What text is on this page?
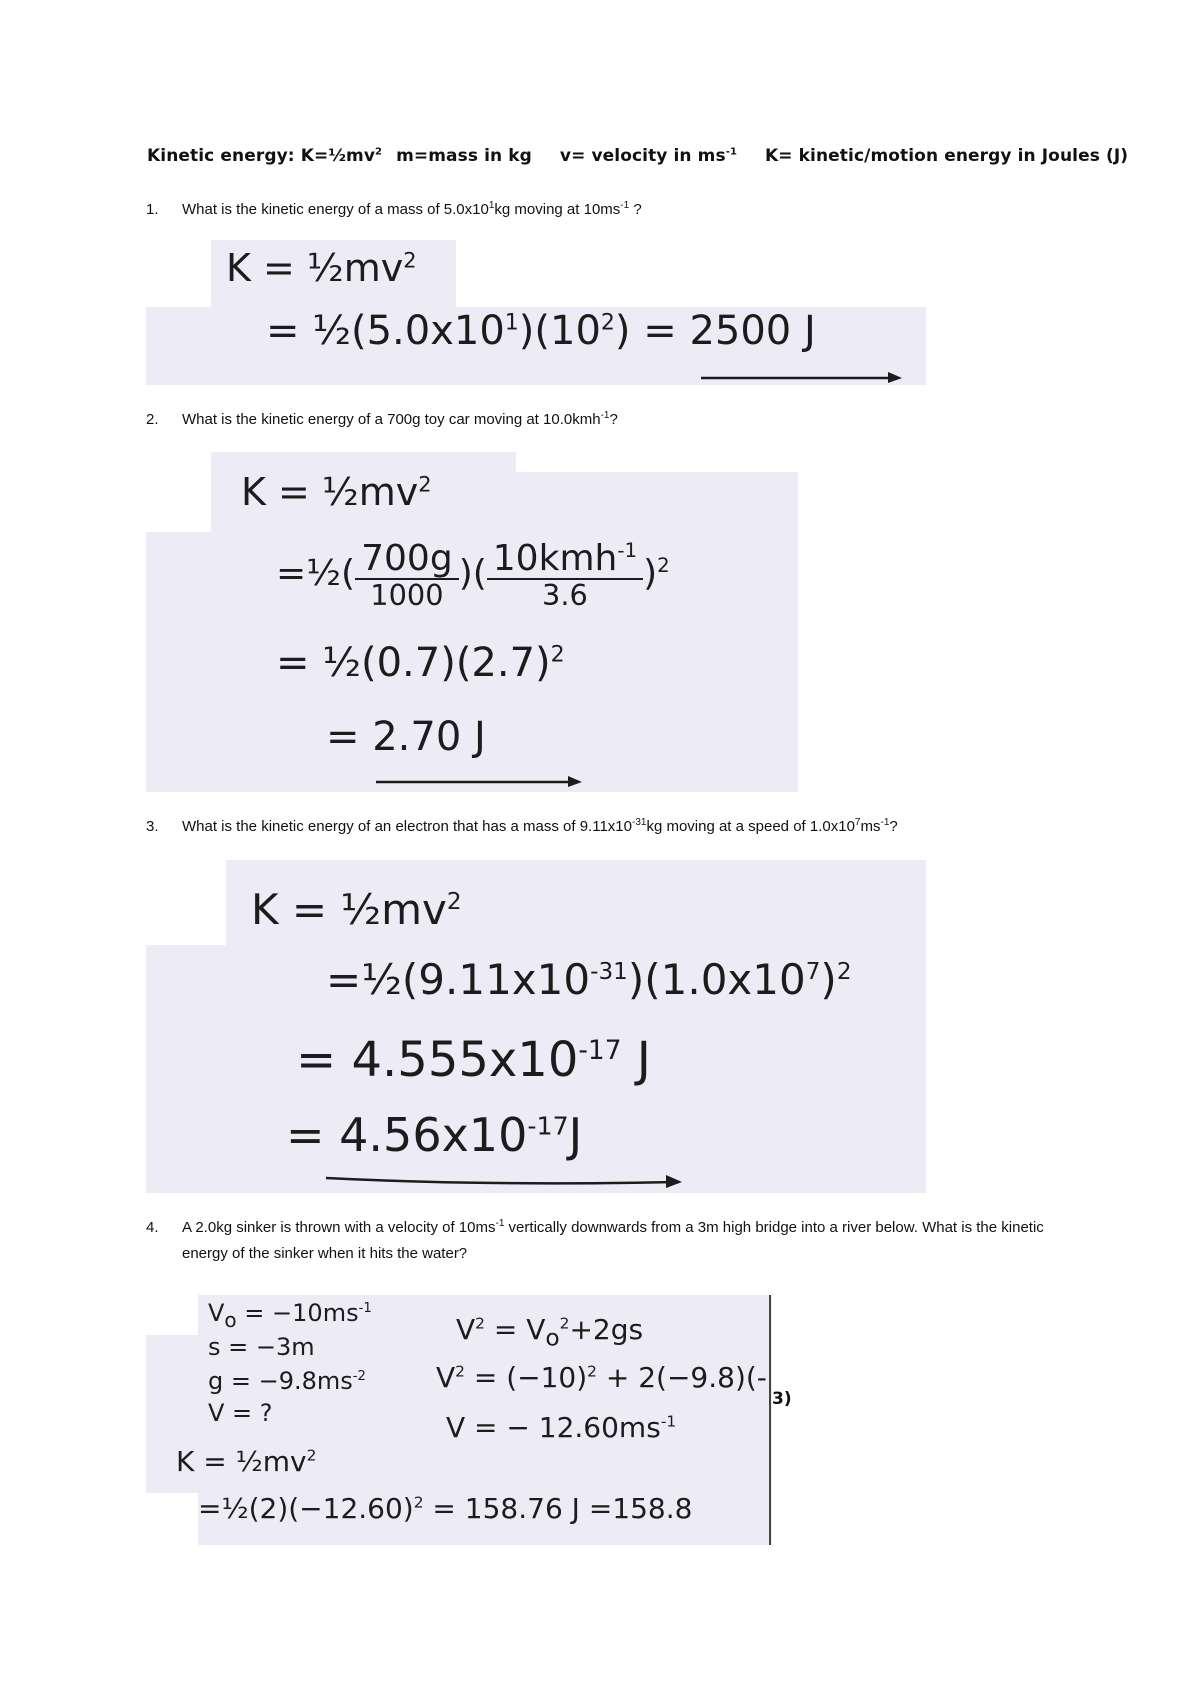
Kinetic energy: $K=\frac{1}{2}mv^2$ m=mass in kg v= velocity in $ms^{-1}$ K= kinetic/motion energy in Joules (J)
1. What is the kinetic energy of a mass of $5.0x10^1kg$ moving at $10ms^{-1}$ ?
$K = \frac{1}{2}mv^2$
= $\frac{1}{2}(5.0x10^1)(10^2) = 2500$ J
2. What is the kinetic energy of a 700g toy car moving at 10.0kmh$^{-1}$?
$K = \frac{1}{2}mv^2$
=½( $\frac{700g}{1000}$ )( $\frac{10kmh^{-1}}{3.6} )^2$
= $\frac{1}{2}(0.7)(2.7)^2$
= 2.70 J
3. What is the kinetic energy of an electron that has a mass of $9.11x10^{-31}kg$ moving at a speed of $1.0x10^7ms^{-1}$?
$K = \frac{1}{2}mv^2$
$=\frac{1}{2}(9.11x10^{-31})(1.0x10^7)^2$
= $4.555x10^{-17}$ J
= $4.56x10^{-17}J$
4. A 2.0kg sinker is thrown with a velocity of $10ms^{-1}$ vertically downwards from a 3m high bridge into a river below. What is the kinetic energy of the sinker when it hits the water?
$V_o = -10ms^{-1}$
s = −3m
$g = -9.8ms^{-2}$
V = ?
$V^2 = V_o^2+2gs$
$V^2 = (-10)^2 + 2(-9.8)(-$
V = − $12.60ms^{-1}$
$K = \frac{1}{2}mv^2$
$=\frac{1}{2}(2)(-12.60)^2 = 158.76$ J =158.8
3)
